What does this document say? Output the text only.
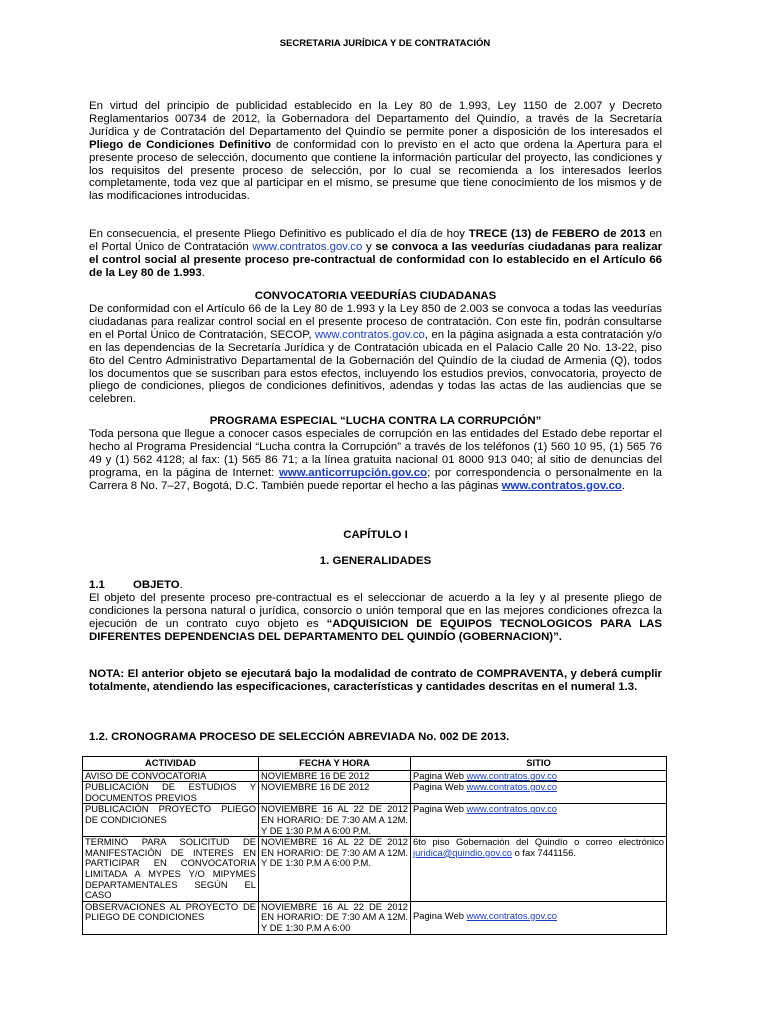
SECRETARIA JURÍDICA Y DE CONTRATACIÓN
En virtud del principio de publicidad establecido en la Ley 80 de 1.993, Ley 1150 de 2.007 y Decreto Reglamentarios 00734 de 2012, la Gobernadora del Departamento del Quindío, a través de la Secretaría Jurídica y de Contratación del Departamento del Quindío se permite poner a disposición de los interesados el Pliego de Condiciones Definitivo de conformidad con lo previsto en el acto que ordena la Apertura para el presente proceso de selección, documento que contiene la información particular del proyecto, las condiciones y los requisitos del presente proceso de selección, por lo cual se recomienda a los interesados leerlos completamente, toda vez que al participar en el mismo, se presume que tiene conocimiento de los mismos y de las modificaciones introducidas.
En consecuencia, el presente Pliego Definitivo es publicado el día de hoy TRECE (13) de FEBERO de 2013 en el Portal Único de Contratación www.contratos.gov.co y se convoca a las veedurías ciudadanas para realizar el control social al presente proceso pre-contractual de conformidad con lo establecido en el Artículo 66 de la Ley 80 de 1.993.
CONVOCATORIA VEEDURÍAS CIUDADANAS
De conformidad con el Artículo 66 de la Ley 80 de 1.993 y la Ley 850 de 2.003 se convoca a todas las veedurías ciudadanas para realizar control social en el presente proceso de contratación. Con este fin, podrán consultarse en el Portal Único de Contratación, SECOP, www.contratos.gov.co, en la página asignada a esta contratación y/o en las dependencias de la Secretaría Jurídica y de Contratación ubicada en el Palacio Calle 20 No. 13-22, piso 6to del Centro Administrativo Departamental de la Gobernación del Quindío de la ciudad de Armenia (Q), todos los documentos que se suscriban para estos efectos, incluyendo los estudios previos, convocatoria, proyecto de pliego de condiciones, pliegos de condiciones definitivos, adendas y todas las actas de las audiencias que se celebren.
PROGRAMA ESPECIAL “LUCHA CONTRA LA CORRUPCIÓN”
Toda persona que llegue a conocer casos especiales de corrupción en las entidades del Estado debe reportar el hecho al Programa Presidencial “Lucha contra la Corrupción” a través de los teléfonos (1) 560 10 95, (1) 565 76 49 y (1) 562 4128; al fax: (1) 565 86 71; a la línea gratuita nacional 01 8000 913 040; al sitio de denuncias del programa, en la página de Internet: www.anticorrupción.gov.co; por correspondencia o personalmente en la Carrera 8 No. 7–27, Bogotá, D.C. También puede reportar el hecho a las páginas www.contratos.gov.co.
CAPÍTULO I
1. GENERALIDADES
1.1 OBJETO.
El objeto del presente proceso pre-contractual es el seleccionar de acuerdo a la ley y al presente pliego de condiciones la persona natural o jurídica, consorcio o unión temporal que en las mejores condiciones ofrezca la ejecución de un contrato cuyo objeto es “ADQUISICION DE EQUIPOS TECNOLOGICOS PARA LAS DIFERENTES DEPENDENCIAS DEL DEPARTAMENTO DEL QUINDÍO (GOBERNACION)”.
NOTA: El anterior objeto se ejecutará bajo la modalidad de contrato de COMPRAVENTA, y deberá cumplir totalmente, atendiendo las especificaciones, características y cantidades descritas en el numeral 1.3.
1.2. CRONOGRAMA PROCESO DE SELECCIÓN ABREVIADA No. 002 DE 2013.
ACTIVIDAD	FECHA Y HORA	SITIO
AVISO DE CONVOCATORIA	NOVIEMBRE 16 DE 2012	Pagina Web www.contratos.gov.co
PUBLICACIÓN DE ESTUDIOS Y DOCUMENTOS PREVIOS	NOVIEMBRE 16 DE 2012	Pagina Web www.contratos.gov.co
PUBLICACIÓN PROYECTO PLIEGO DE CONDICIONES	NOVIEMBRE 16 AL 22 DE 2012 EN HORARIO: DE 7:30 AM A 12M. Y DE 1:30 P.M A 6:00 P.M.	Pagina Web www.contratos.gov.co
TERMINO PARA SOLICITUD DE MANIFESTACIÓN DE INTERES EN PARTICIPAR EN CONVOCATORIA LIMITADA A MYPES Y/O MIPYMES DEPARTAMENTALES SEGÚN EL CASO	NOVIEMBRE 16 AL 22 DE 2012 EN HORARIO: DE 7:30 AM A 12M. Y DE 1:30 P.M A 6:00 P.M.	6to piso Gobernación del Quindío o correo electrónico juridica@quindio.gov.co o fax 7441156.
OBSERVACIONES AL PROYECTO DE PLIEGO DE CONDICIONES	NOVIEMBRE 16 AL 22 DE 2012 EN HORARIO: DE 7:30 AM A 12M. Y DE 1:30 P.M A 6:00	Pagina Web www.contratos.gov.co
